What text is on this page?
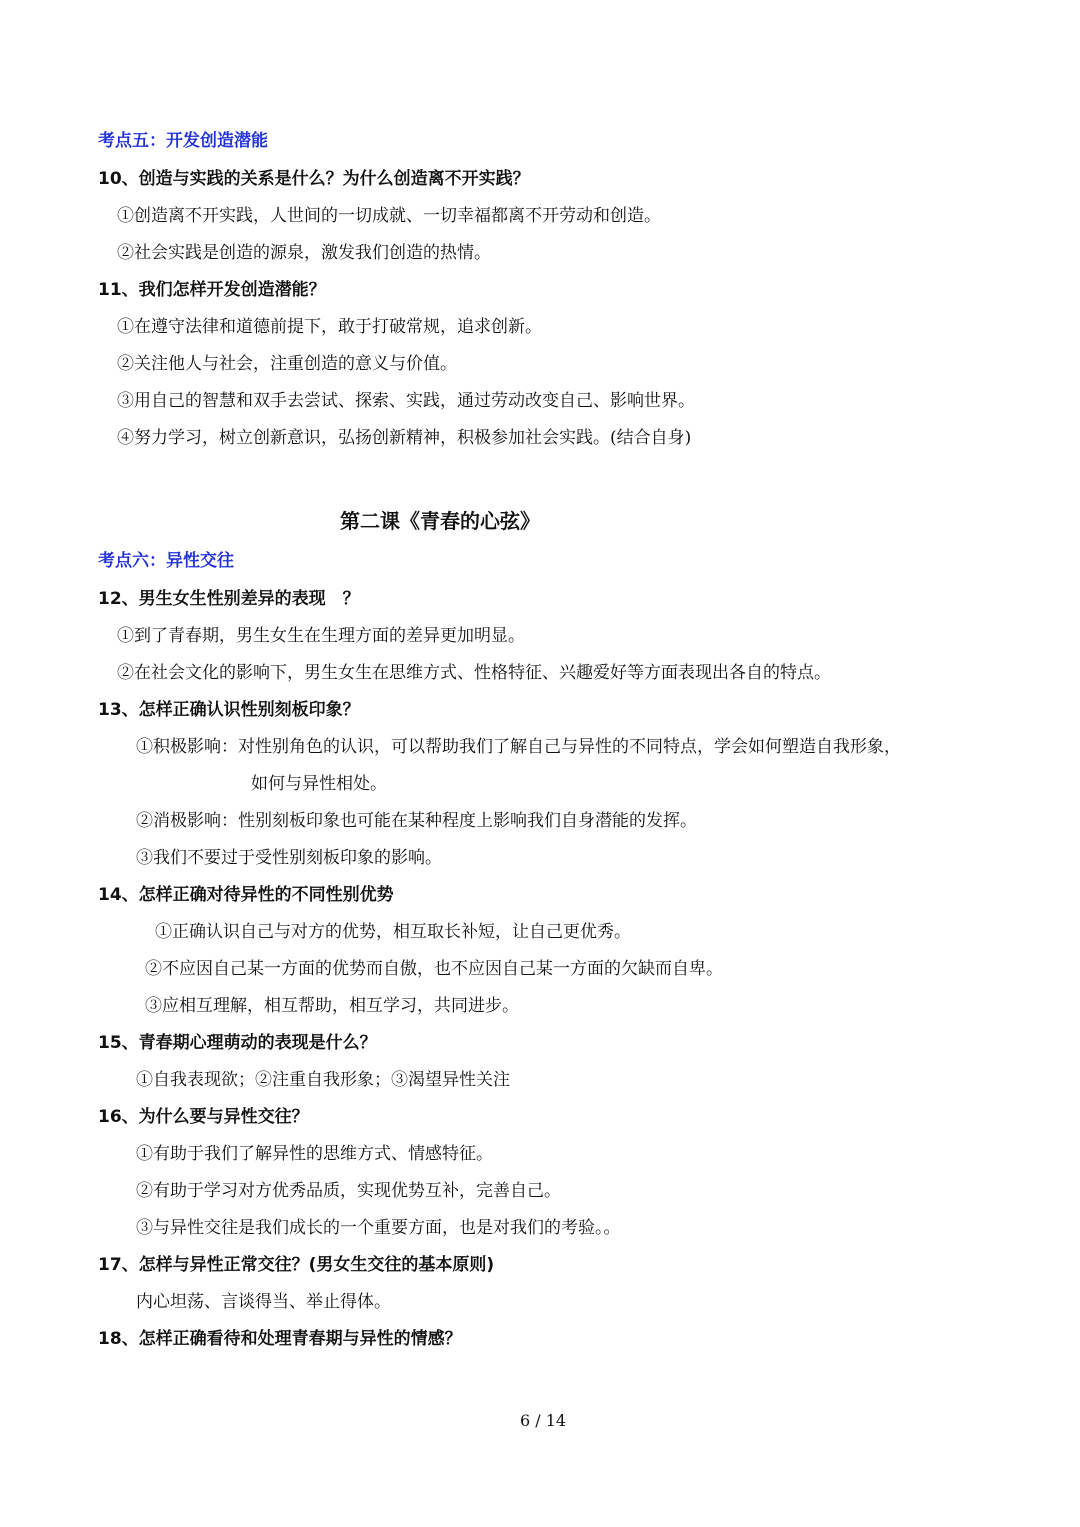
考点五：开发创造潜能
10、创造与实践的关系是什么？为什么创造离不开实践？
①创造离不开实践，人世间的一切成就、一切幸福都离不开劳动和创造。
②社会实践是创造的源泉，激发我们创造的热情。
11、我们怎样开发创造潜能？
①在遵守法律和道德前提下，敢于打破常规，追求创新。
②关注他人与社会，注重创造的意义与价值。
③用自己的智慧和双手去尝试、探索、实践，通过劳动改变自己、影响世界。
④努力学习，树立创新意识，弘扬创新精神，积极参加社会实践。(结合自身)
第二课《青春的心弦》
考点六：异性交往
12、男生女生性别差异的表现　？
①到了青春期，男生女生在生理方面的差异更加明显。
②在社会文化的影响下，男生女生在思维方式、性格特征、兴趣爱好等方面表现出各自的特点。
13、怎样正确认识性别刻板印象？
①积极影响：对性别角色的认识，可以帮助我们了解自己与异性的不同特点，学会如何塑造自我形象，
如何与异性相处。
②消极影响：性别刻板印象也可能在某种程度上影响我们自身潜能的发挥。
③我们不要过于受性别刻板印象的影响。
14、怎样正确对待异性的不同性别优势
①正确认识自己与对方的优势，相互取长补短，让自己更优秀。
②不应因自己某一方面的优势而自傲，也不应因自己某一方面的欠缺而自卑。
③应相互理解，相互帮助，相互学习，共同进步。
15、青春期心理萌动的表现是什么？
①自我表现欲；②注重自我形象；③渴望异性关注
16、为什么要与异性交往？
①有助于我们了解异性的思维方式、情感特征。
②有助于学习对方优秀品质，实现优势互补，完善自己。
③与异性交往是我们成长的一个重要方面，也是对我们的考验。。
17、怎样与异性正常交往？(男女生交往的基本原则)
内心坦荡、言谈得当、举止得体。
18、怎样正确看待和处理青春期与异性的情感？
6 / 14
